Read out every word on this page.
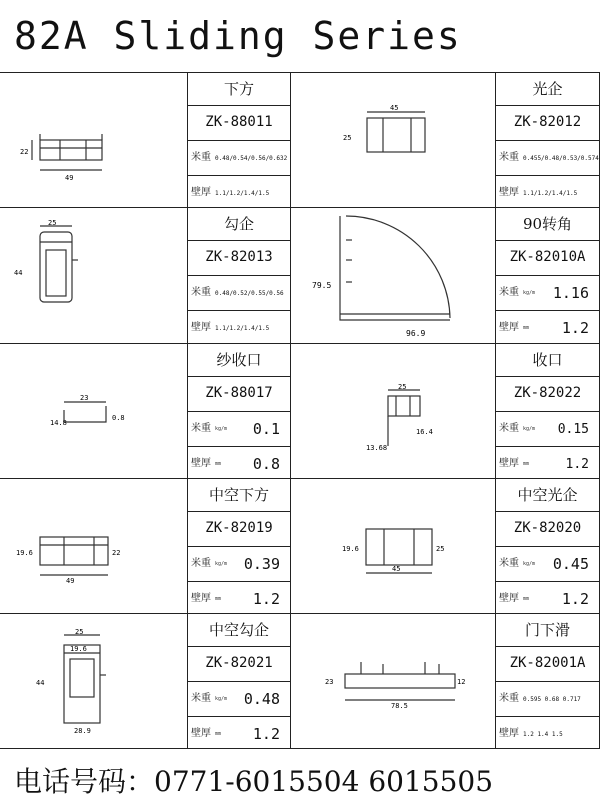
82A Sliding Series
22
49
下方
ZK-88011
米重 0.48/0.54/0.56/0.632
壁厚 1.1/1.2/1.4/1.5
45
25
光企
ZK-82012
米重 0.455/0.48/0.53/0.574
壁厚 1.1/1.2/1.4/1.5
25
44
勾企
ZK-82013
米重 0.48/0.52/0.55/0.56
壁厚 1.1/1.2/1.4/1.5
79.5
96.9
90转角
ZK-82010A
米重 kg/m 1.16
壁厚 mm 1.2
23
14.8
0.8
纱收口
ZK-88017
米重 kg/m 0.1
壁厚 mm 0.8
25
13.68
16.4
收口
ZK-82022
米重 kg/m 0.15
壁厚 mm	1.2
19.6	22
49
中空下方
ZK-82019
米重 kg/m 0.39
壁厚 mm 1.2
19.6	25
45
中空光企
ZK-82020
米重 kg/m 0.45
壁厚 mm 1.2
25
19.6
44
28.9
中空勾企
ZK-82021
米重 kg/m 0.48
壁厚 mm 1.2
23	12
78.5
门下滑
ZK-82001A
米重 0.595 0.68 0.717
壁厚 1.2 1.4 1.5
电话号码：0771-6015504 6015505
